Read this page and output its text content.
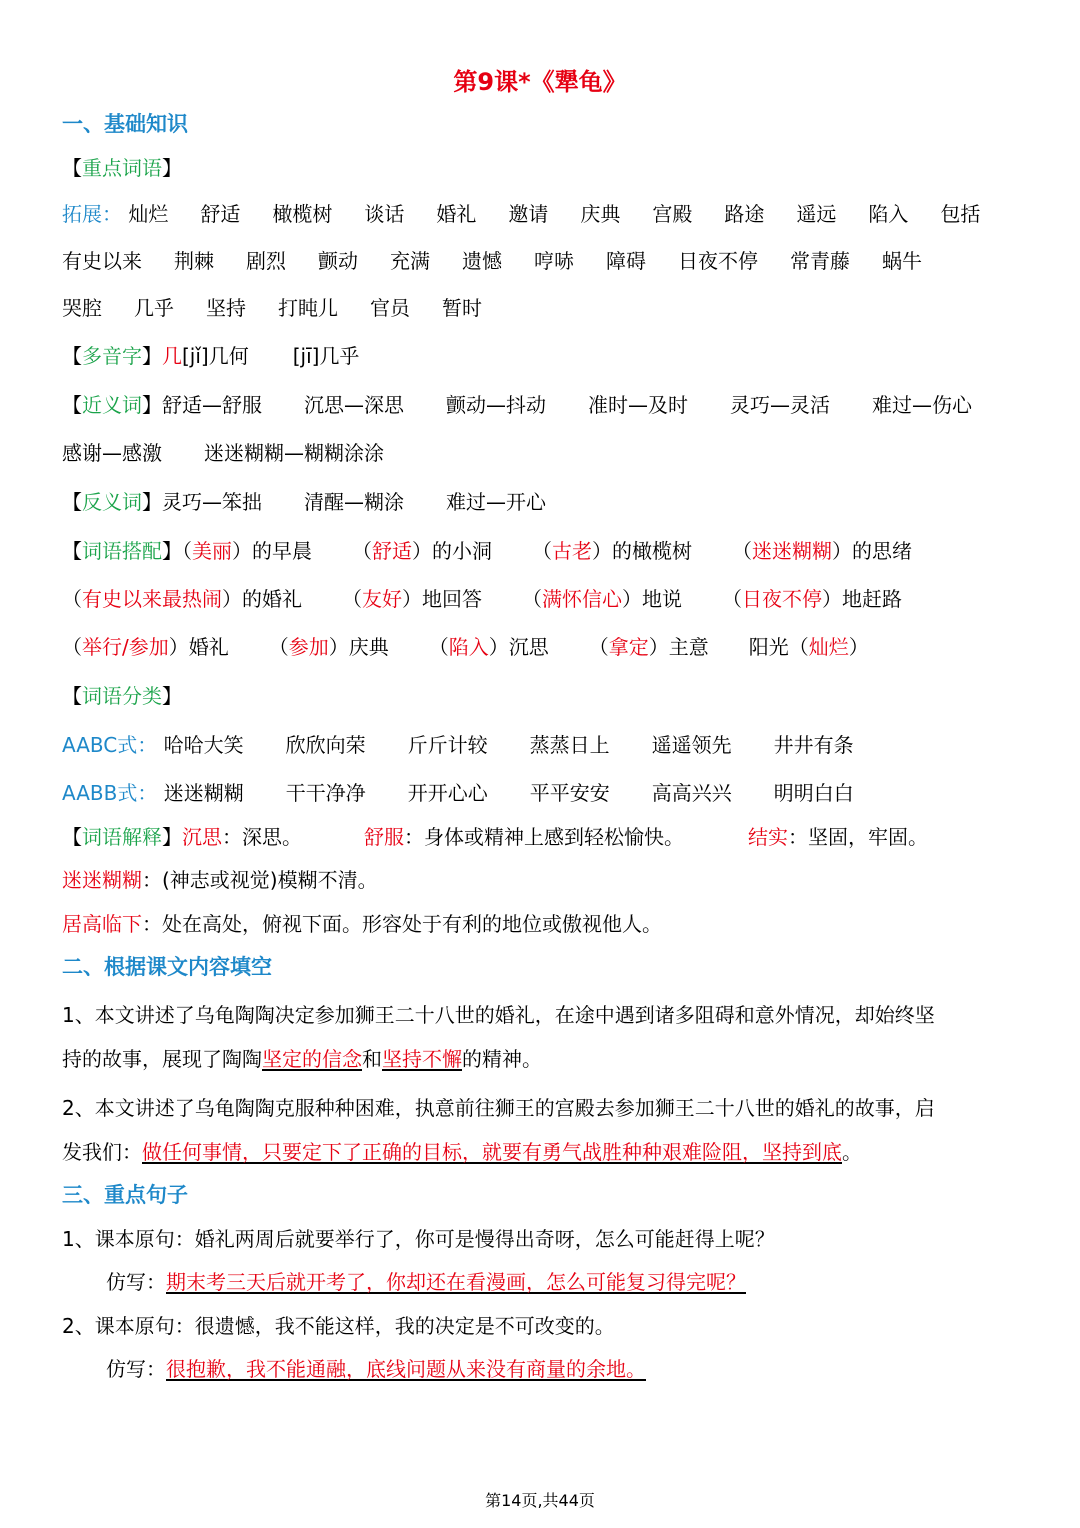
第9课*《犟龟》
一、基础知识
【重点词语】
拓展： 灿烂 舒适 橄榄树 谈话 婚礼 邀请 庆典 宫殿 路途 遥远 陷入 包括
有史以来 荆棘 剧烈 颤动 充满 遗憾 哼哧 障碍 日夜不停 常青藤 蜗牛
哭腔 几乎 坚持 打盹儿 官员 暂时
【多音字】几[jǐ]几何 [jī]几乎
【近义词】舒适—舒服 沉思—深思 颤动—抖动 准时—及时 灵巧—灵活 难过—伤心
感谢—感激 迷迷糊糊—糊糊涂涂
【反义词】灵巧—笨拙 清醒—糊涂 难过—开心
【词语搭配】（美丽）的早晨 （舒适）的小洞 （古老）的橄榄树 （迷迷糊糊）的思绪
（有史以来最热闹）的婚礼 （友好）地回答 （满怀信心）地说 （日夜不停）地赶路
（举行/参加）婚礼 （参加）庆典 （陷入）沉思 （拿定）主意 阳光（灿烂）
【词语分类】
AABC式： 哈哈大笑 欣欣向荣 斤斤计较 蒸蒸日上 遥遥领先 井井有条
AABB式： 迷迷糊糊 干干净净 开开心心 平平安安 高高兴兴 明明白白
【词语解释】沉思：深思。	舒服：身体或精神上感到轻松愉快。	结实：坚固，牢固。
迷迷糊糊：(神志或视觉)模糊不清。
居高临下：处在高处，俯视下面。形容处于有利的地位或傲视他人。
二、根据课文内容填空
1、本文讲述了乌龟陶陶决定参加狮王二十八世的婚礼，在途中遇到诸多阻碍和意外情况，却始终坚
持的故事，展现了陶陶坚定的信念和坚持不懈的精神。
2、本文讲述了乌龟陶陶克服种种困难，执意前往狮王的宫殿去参加狮王二十八世的婚礼的故事，启
发我们：做任何事情，只要定下了正确的目标，就要有勇气战胜种种艰难险阻，坚持到底。
三、重点句子
1、课本原句：婚礼两周后就要举行了，你可是慢得出奇呀，怎么可能赶得上呢？
仿写：期末考三天后就开考了，你却还在看漫画，怎么可能复习得完呢？
2、课本原句：很遗憾，我不能这样，我的决定是不可改变的。
仿写：很抱歉，我不能通融，底线问题从来没有商量的余地。
第14页,共44页
